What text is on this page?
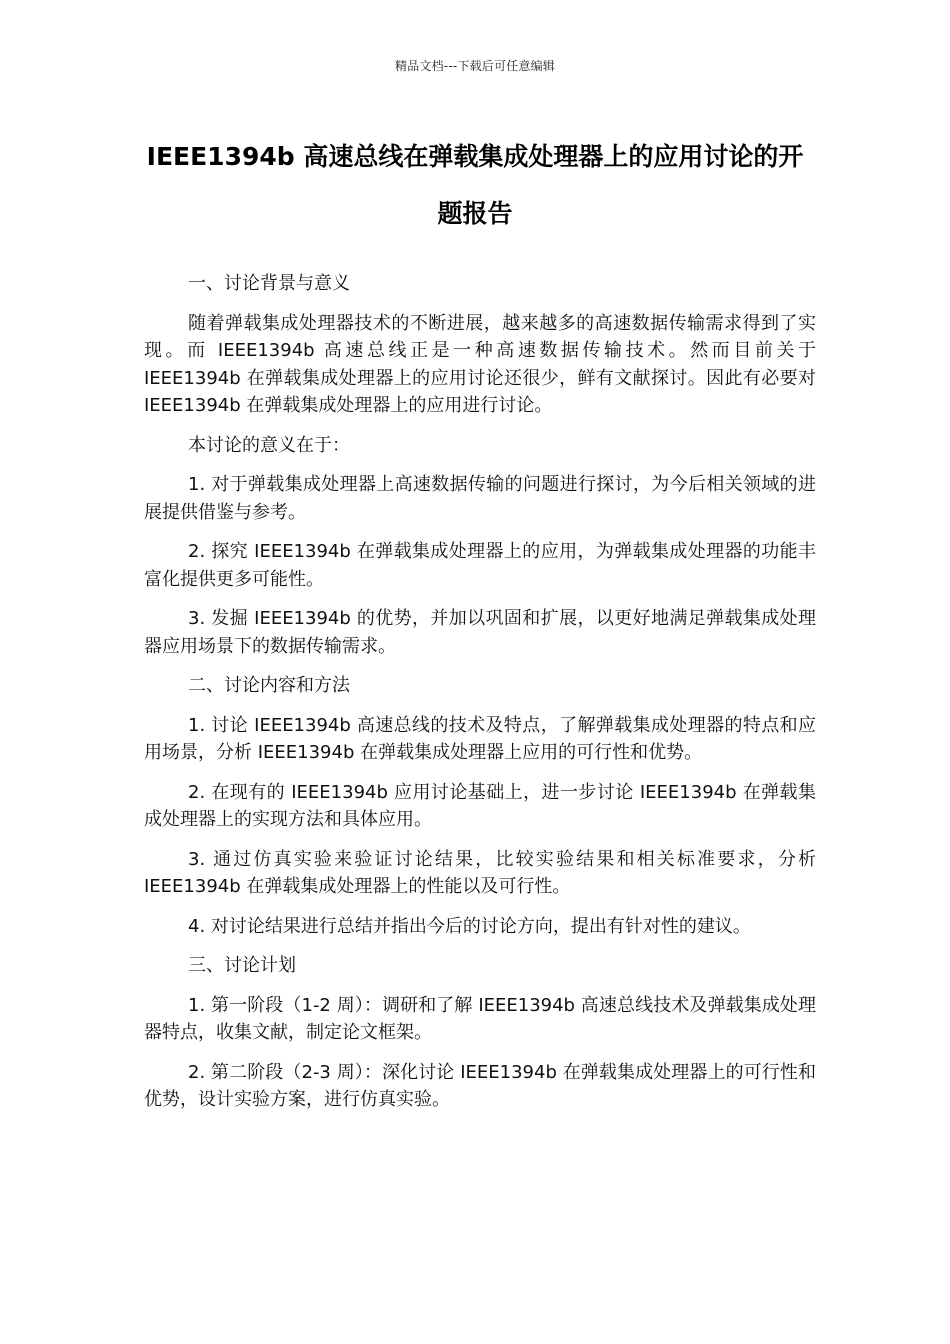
精品文档---下载后可任意编辑
IEEE1394b 高速总线在弹载集成处理器上的应用讨论的开题报告

一、讨论背景与意义

随着弹载集成处理器技术的不断进展，越来越多的高速数据传输需求得到了实现。而 IEEE1394b 高速总线正是一种高速数据传输技术。然而目前关于 IEEE1394b 在弹载集成处理器上的应用讨论还很少，鲜有文献探讨。因此有必要对 IEEE1394b 在弹载集成处理器上的应用进行讨论。

本讨论的意义在于：

1. 对于弹载集成处理器上高速数据传输的问题进行探讨，为今后相关领域的进展提供借鉴与参考。

2. 探究 IEEE1394b 在弹载集成处理器上的应用，为弹载集成处理器的功能丰富化提供更多可能性。

3. 发掘 IEEE1394b 的优势，并加以巩固和扩展，以更好地满足弹载集成处理器应用场景下的数据传输需求。

二、讨论内容和方法

1. 讨论 IEEE1394b 高速总线的技术及特点，了解弹载集成处理器的特点和应用场景，分析 IEEE1394b 在弹载集成处理器上应用的可行性和优势。

2. 在现有的 IEEE1394b 应用讨论基础上，进一步讨论 IEEE1394b 在弹载集成处理器上的实现方法和具体应用。

3. 通过仿真实验来验证讨论结果，比较实验结果和相关标准要求，分析 IEEE1394b 在弹载集成处理器上的性能以及可行性。

4. 对讨论结果进行总结并指出今后的讨论方向，提出有针对性的建议。

三、讨论计划

1. 第一阶段（1-2 周）：调研和了解 IEEE1394b 高速总线技术及弹载集成处理器特点，收集文献，制定论文框架。

2. 第二阶段（2-3 周）：深化讨论 IEEE1394b 在弹载集成处理器上的可行性和优势，设计实验方案，进行仿真实验。
